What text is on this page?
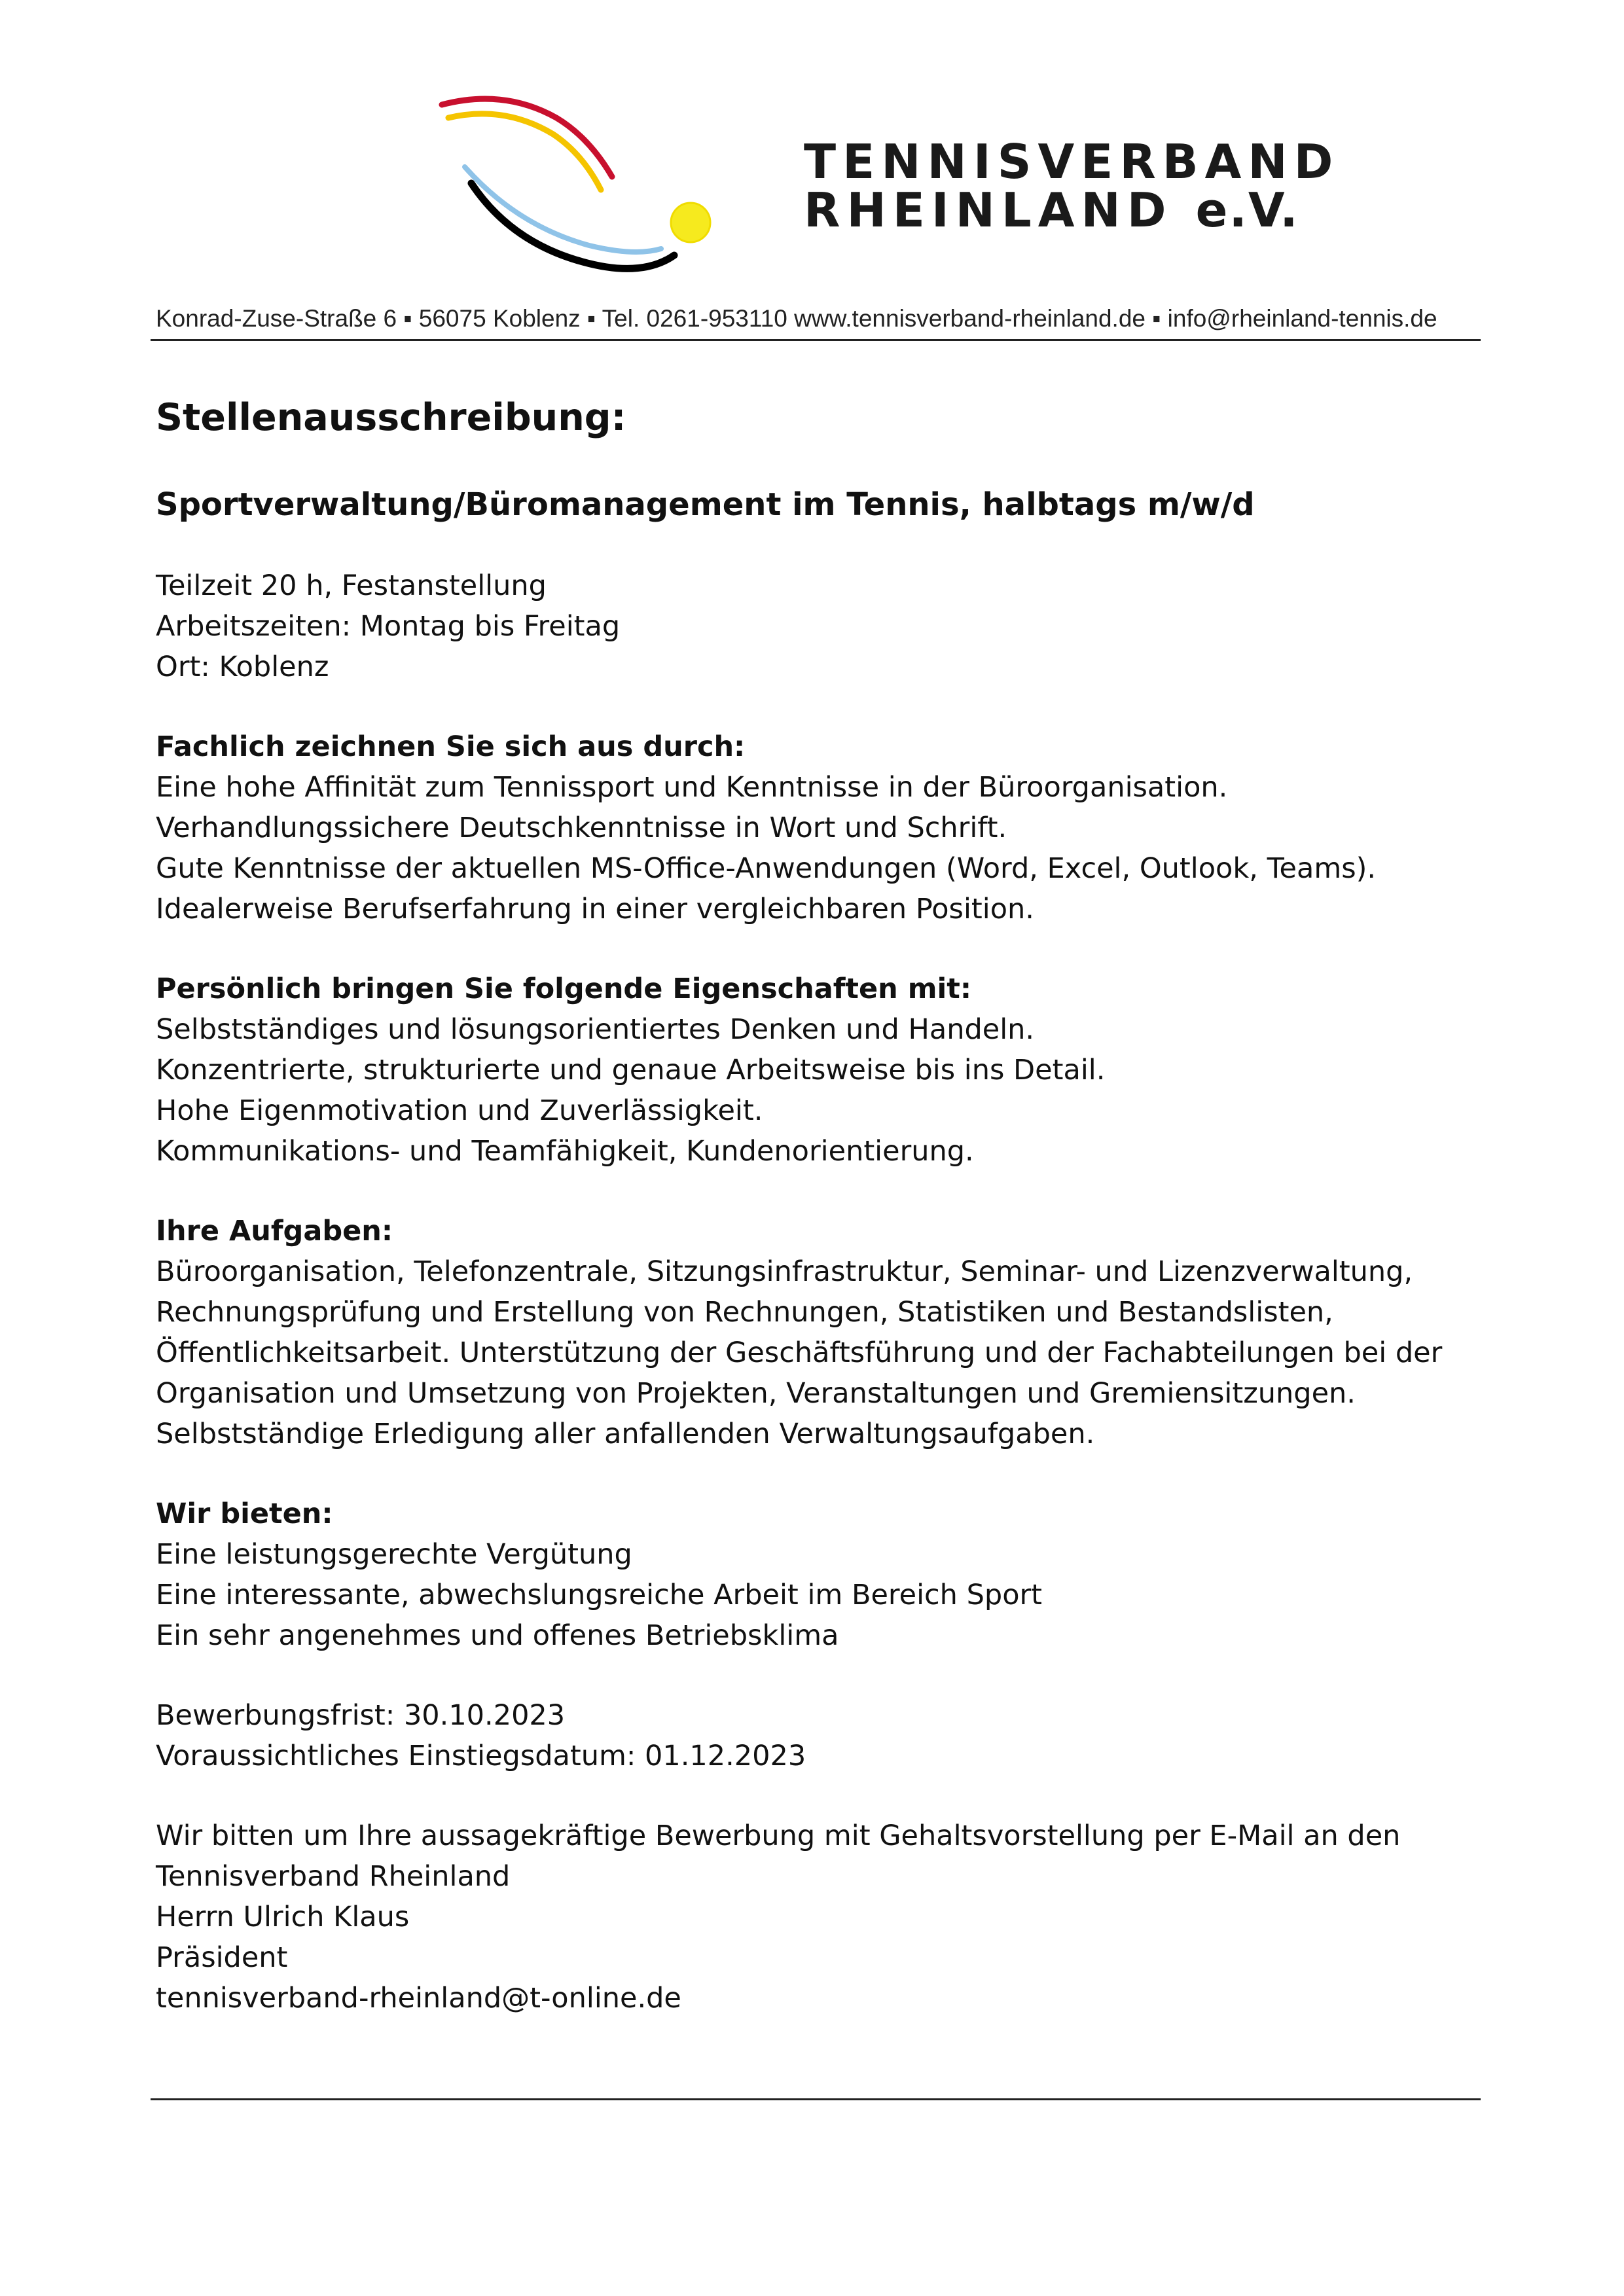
TENNISVERBAND
RHEINLAND e.V.
Konrad-Zuse-Straße 6 ▪ 56075 Koblenz ▪ Tel. 0261-953110 www.tennisverband-rheinland.de ▪ info@rheinland-tennis.de
Stellenausschreibung:
Sportverwaltung/Büromanagement im Tennis, halbtags m/w/d
Teilzeit 20 h, Festanstellung
Arbeitszeiten: Montag bis Freitag
Ort: Koblenz
Fachlich zeichnen Sie sich aus durch:
Eine hohe Affinität zum Tennissport und Kenntnisse in der Büroorganisation.
Verhandlungssichere Deutschkenntnisse in Wort und Schrift.
Gute Kenntnisse der aktuellen MS-Office-Anwendungen (Word, Excel, Outlook, Teams).
Idealerweise Berufserfahrung in einer vergleichbaren Position.
Persönlich bringen Sie folgende Eigenschaften mit:
Selbstständiges und lösungsorientiertes Denken und Handeln.
Konzentrierte, strukturierte und genaue Arbeitsweise bis ins Detail.
Hohe Eigenmotivation und Zuverlässigkeit.
Kommunikations- und Teamfähigkeit, Kundenorientierung.
Ihre Aufgaben:
Büroorganisation, Telefonzentrale, Sitzungsinfrastruktur, Seminar- und Lizenzverwaltung,
Rechnungsprüfung und Erstellung von Rechnungen, Statistiken und Bestandslisten,
Öffentlichkeitsarbeit. Unterstützung der Geschäftsführung und der Fachabteilungen bei der
Organisation und Umsetzung von Projekten, Veranstaltungen und Gremiensitzungen.
Selbstständige Erledigung aller anfallenden Verwaltungsaufgaben.
Wir bieten:
Eine leistungsgerechte Vergütung
Eine interessante, abwechslungsreiche Arbeit im Bereich Sport
Ein sehr angenehmes und offenes Betriebsklima
Bewerbungsfrist: 30.10.2023
Voraussichtliches Einstiegsdatum: 01.12.2023
Wir bitten um Ihre aussagekräftige Bewerbung mit Gehaltsvorstellung per E-Mail an den
Tennisverband Rheinland
Herrn Ulrich Klaus
Präsident
tennisverband-rheinland@t-online.de
